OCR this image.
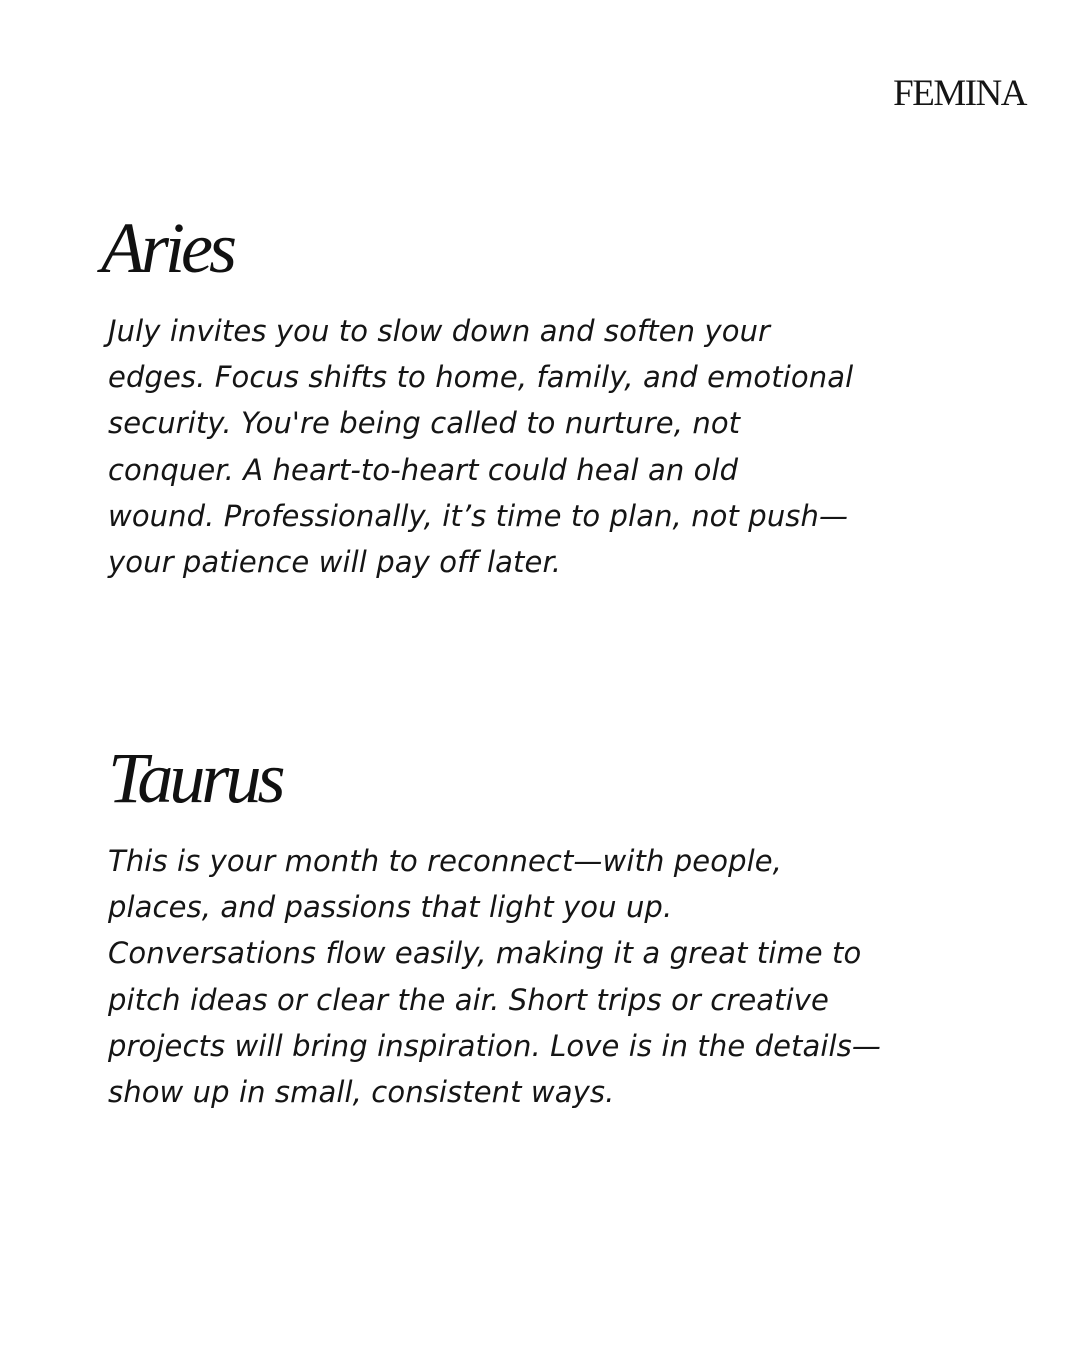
FEMINA
Aries

July invites you to slow down and soften your
edges. Focus shifts to home, family, and emotional
security. You're being called to nurture, not
conquer. A heart-to-heart could heal an old
wound. Professionally, it’s time to plan, not push—
your patience will pay off later.

Taurus

This is your month to reconnect—with people,
places, and passions that light you up.
Conversations flow easily, making it a great time to
pitch ideas or clear the air. Short trips or creative
projects will bring inspiration. Love is in the details—
show up in small, consistent ways.
